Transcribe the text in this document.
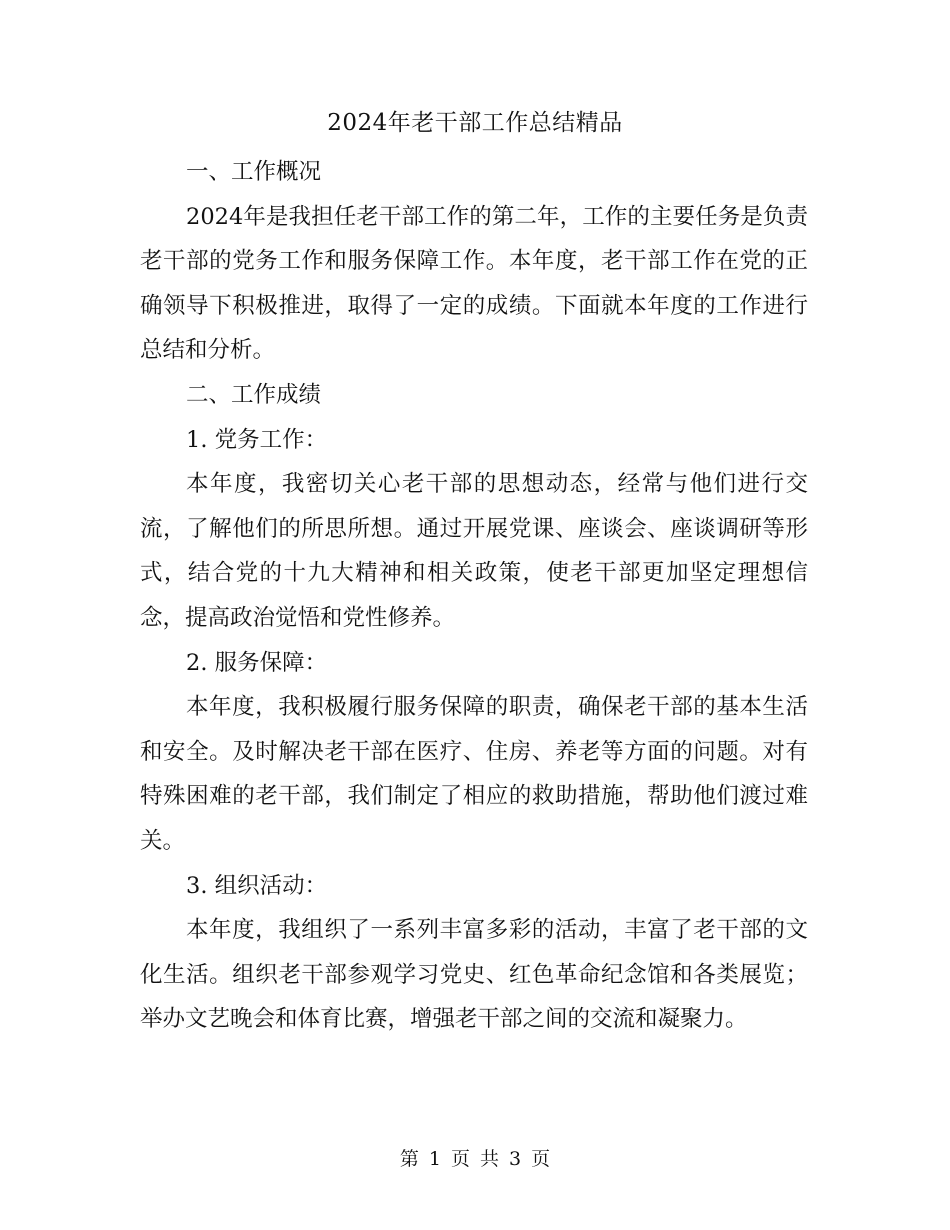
2024年老干部工作总结精品

一、工作概况

2024年是我担任老干部工作的第二年，工作的主要任务是负责老干部的党务工作和服务保障工作。本年度，老干部工作在党的正确领导下积极推进，取得了一定的成绩。下面就本年度的工作进行总结和分析。

二、工作成绩

1. 党务工作：

本年度，我密切关心老干部的思想动态，经常与他们进行交流，了解他们的所思所想。通过开展党课、座谈会、座谈调研等形式，结合党的十九大精神和相关政策，使老干部更加坚定理想信念，提高政治觉悟和党性修养。

2. 服务保障：

本年度，我积极履行服务保障的职责，确保老干部的基本生活和安全。及时解决老干部在医疗、住房、养老等方面的问题。对有特殊困难的老干部，我们制定了相应的救助措施，帮助他们渡过难关。

3. 组织活动：

本年度，我组织了一系列丰富多彩的活动，丰富了老干部的文化生活。组织老干部参观学习党史、红色革命纪念馆和各类展览；举办文艺晚会和体育比赛，增强老干部之间的交流和凝聚力。

第 1 页 共 3 页
